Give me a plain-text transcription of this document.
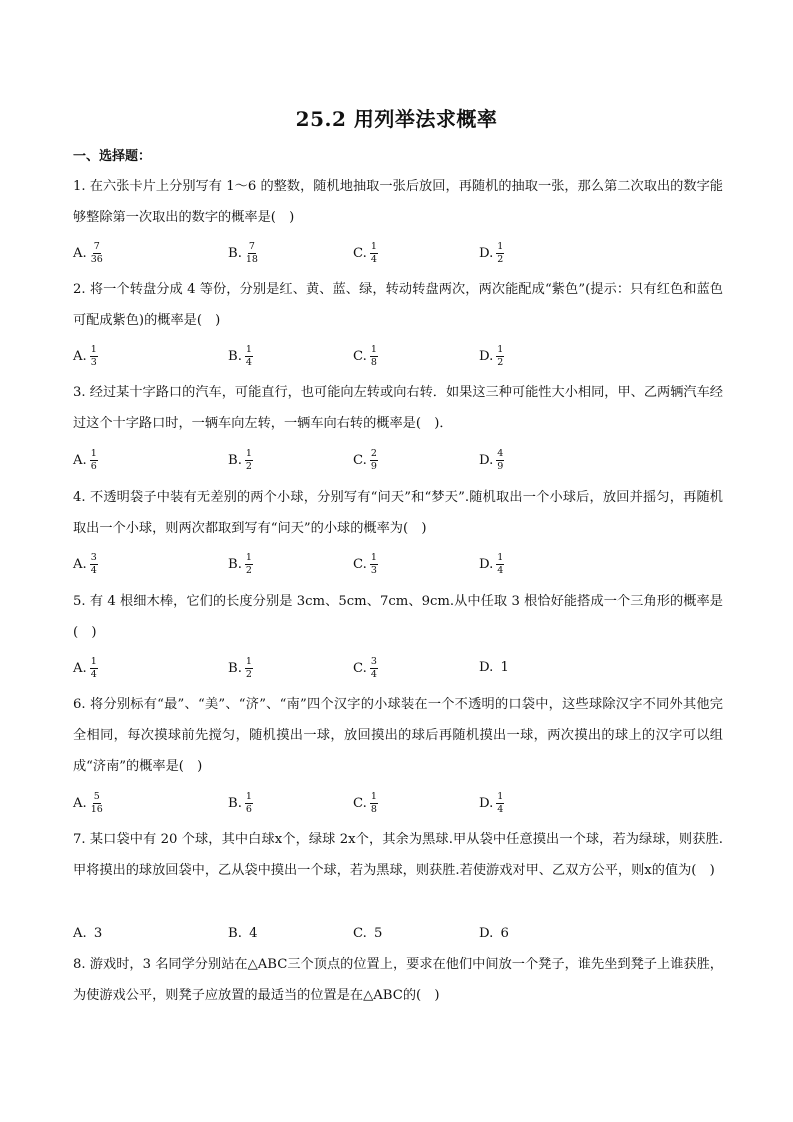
25.2 用列举法求概率
一、选择题：
1. 在六张卡片上分别写有 1～6 的整数，随机地抽取一张后放回，再随机的抽取一张，那么第二次取出的数字能够整除第一次取出的数字的概率是(　)
A. $\frac{7}{36}$	B. $\frac{7}{18}$	C. $\frac{1}{4}$	D. $\frac{1}{2}$
2. 将一个转盘分成 4 等份，分别是红、黄、蓝、绿，转动转盘两次，两次能配成“紫色”(提示：只有红色和蓝色可配成紫色)的概率是(　)
A. $\frac{1}{3}$	B. $\frac{1}{4}$	C. $\frac{1}{8}$	D. $\frac{1}{2}$
3. 经过某十字路口的汽车，可能直行，也可能向左转或向右转．如果这三种可能性大小相同，甲、乙两辆汽车经过这个十字路口时，一辆车向左转，一辆车向右转的概率是(　)．
A. $\frac{1}{6}$	B. $\frac{1}{2}$	C. $\frac{2}{9}$	D. $\frac{4}{9}$
4. 不透明袋子中装有无差别的两个小球，分别写有“问天”和“梦天”.随机取出一个小球后，放回并摇匀，再随机取出一个小球，则两次都取到写有“问天”的小球的概率为(　)
A. $\frac{3}{4}$	B. $\frac{1}{2}$	C. $\frac{1}{3}$	D. $\frac{1}{4}$
5. 有 4 根细木棒，它们的长度分别是 3cm、5cm、7cm、9cm.从中任取 3 根恰好能搭成一个三角形的概率是(　)
A. $\frac{1}{4}$	B. $\frac{1}{2}$	C. $\frac{3}{4}$	D.
1
6. 将分别标有“最”、“美”、“济”、“南”四个汉字的小球装在一个不透明的口袋中，这些球除汉字不同外其他完全相同，每次摸球前先搅匀，随机摸出一球，放回摸出的球后再随机摸出一球，两次摸出的球上的汉字可以组成“济南”的概率是(　)
A. $\frac{5}{16}$	B. $\frac{1}{6}$	C. $\frac{1}{8}$	D. $\frac{1}{4}$
7. 某口袋中有 20 个球，其中白球x个，绿球 2x个，其余为黑球.甲从袋中任意摸出一个球，若为绿球，则获胜.甲将摸出的球放回袋中，乙从袋中摸出一个球，若为黑球，则获胜.若使游戏对甲、乙双方公平，则x的值为(　)
A.
3	B.
4	C.
5	D.
6
8. 游戏时，3 名同学分别站在△ABC三个顶点的位置上，要求在他们中间放一个凳子，谁先坐到凳子上谁获胜，为使游戏公平，则凳子应放置的最适当的位置是在△ABC的(　)
